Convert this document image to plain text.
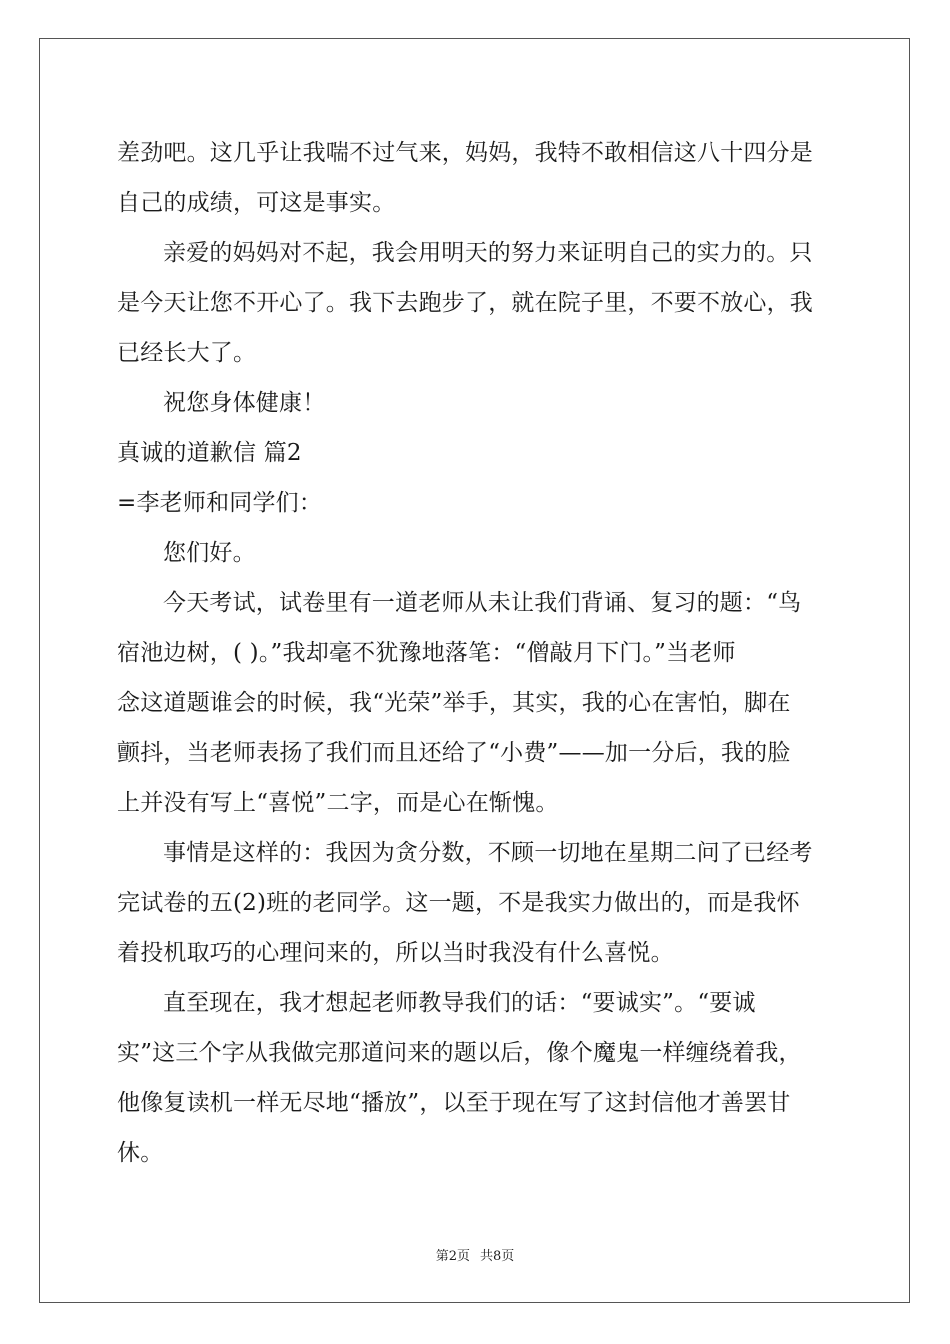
差劲吧。这几乎让我喘不过气来，妈妈，我特不敢相信这八十四分是
自己的成绩，可这是事实。
亲爱的妈妈对不起，我会用明天的努力来证明自己的实力的。只
是今天让您不开心了。我下去跑步了，就在院子里，不要不放心，我
已经长大了。
祝您身体健康！
真诚的道歉信 篇2
=李老师和同学们：
您们好。
今天考试，试卷里有一道老师从未让我们背诵、复习的题：“鸟
宿池边树，( )。”我却毫不犹豫地落笔：“僧敲月下门。”当老师
念这道题谁会的时候，我“光荣”举手，其实，我的心在害怕，脚在
颤抖，当老师表扬了我们而且还给了“小费”——加一分后，我的脸
上并没有写上“喜悦”二字，而是心在惭愧。
事情是这样的：我因为贪分数，不顾一切地在星期二问了已经考
完试卷的五(2)班的老同学。这一题，不是我实力做出的，而是我怀
着投机取巧的心理问来的，所以当时我没有什么喜悦。
直至现在，我才想起老师教导我们的话：“要诚实”。“要诚
实”这三个字从我做完那道问来的题以后，像个魔鬼一样缠绕着我，
他像复读机一样无尽地“播放”，以至于现在写了这封信他才善罢甘
休。
第2页 共8页
